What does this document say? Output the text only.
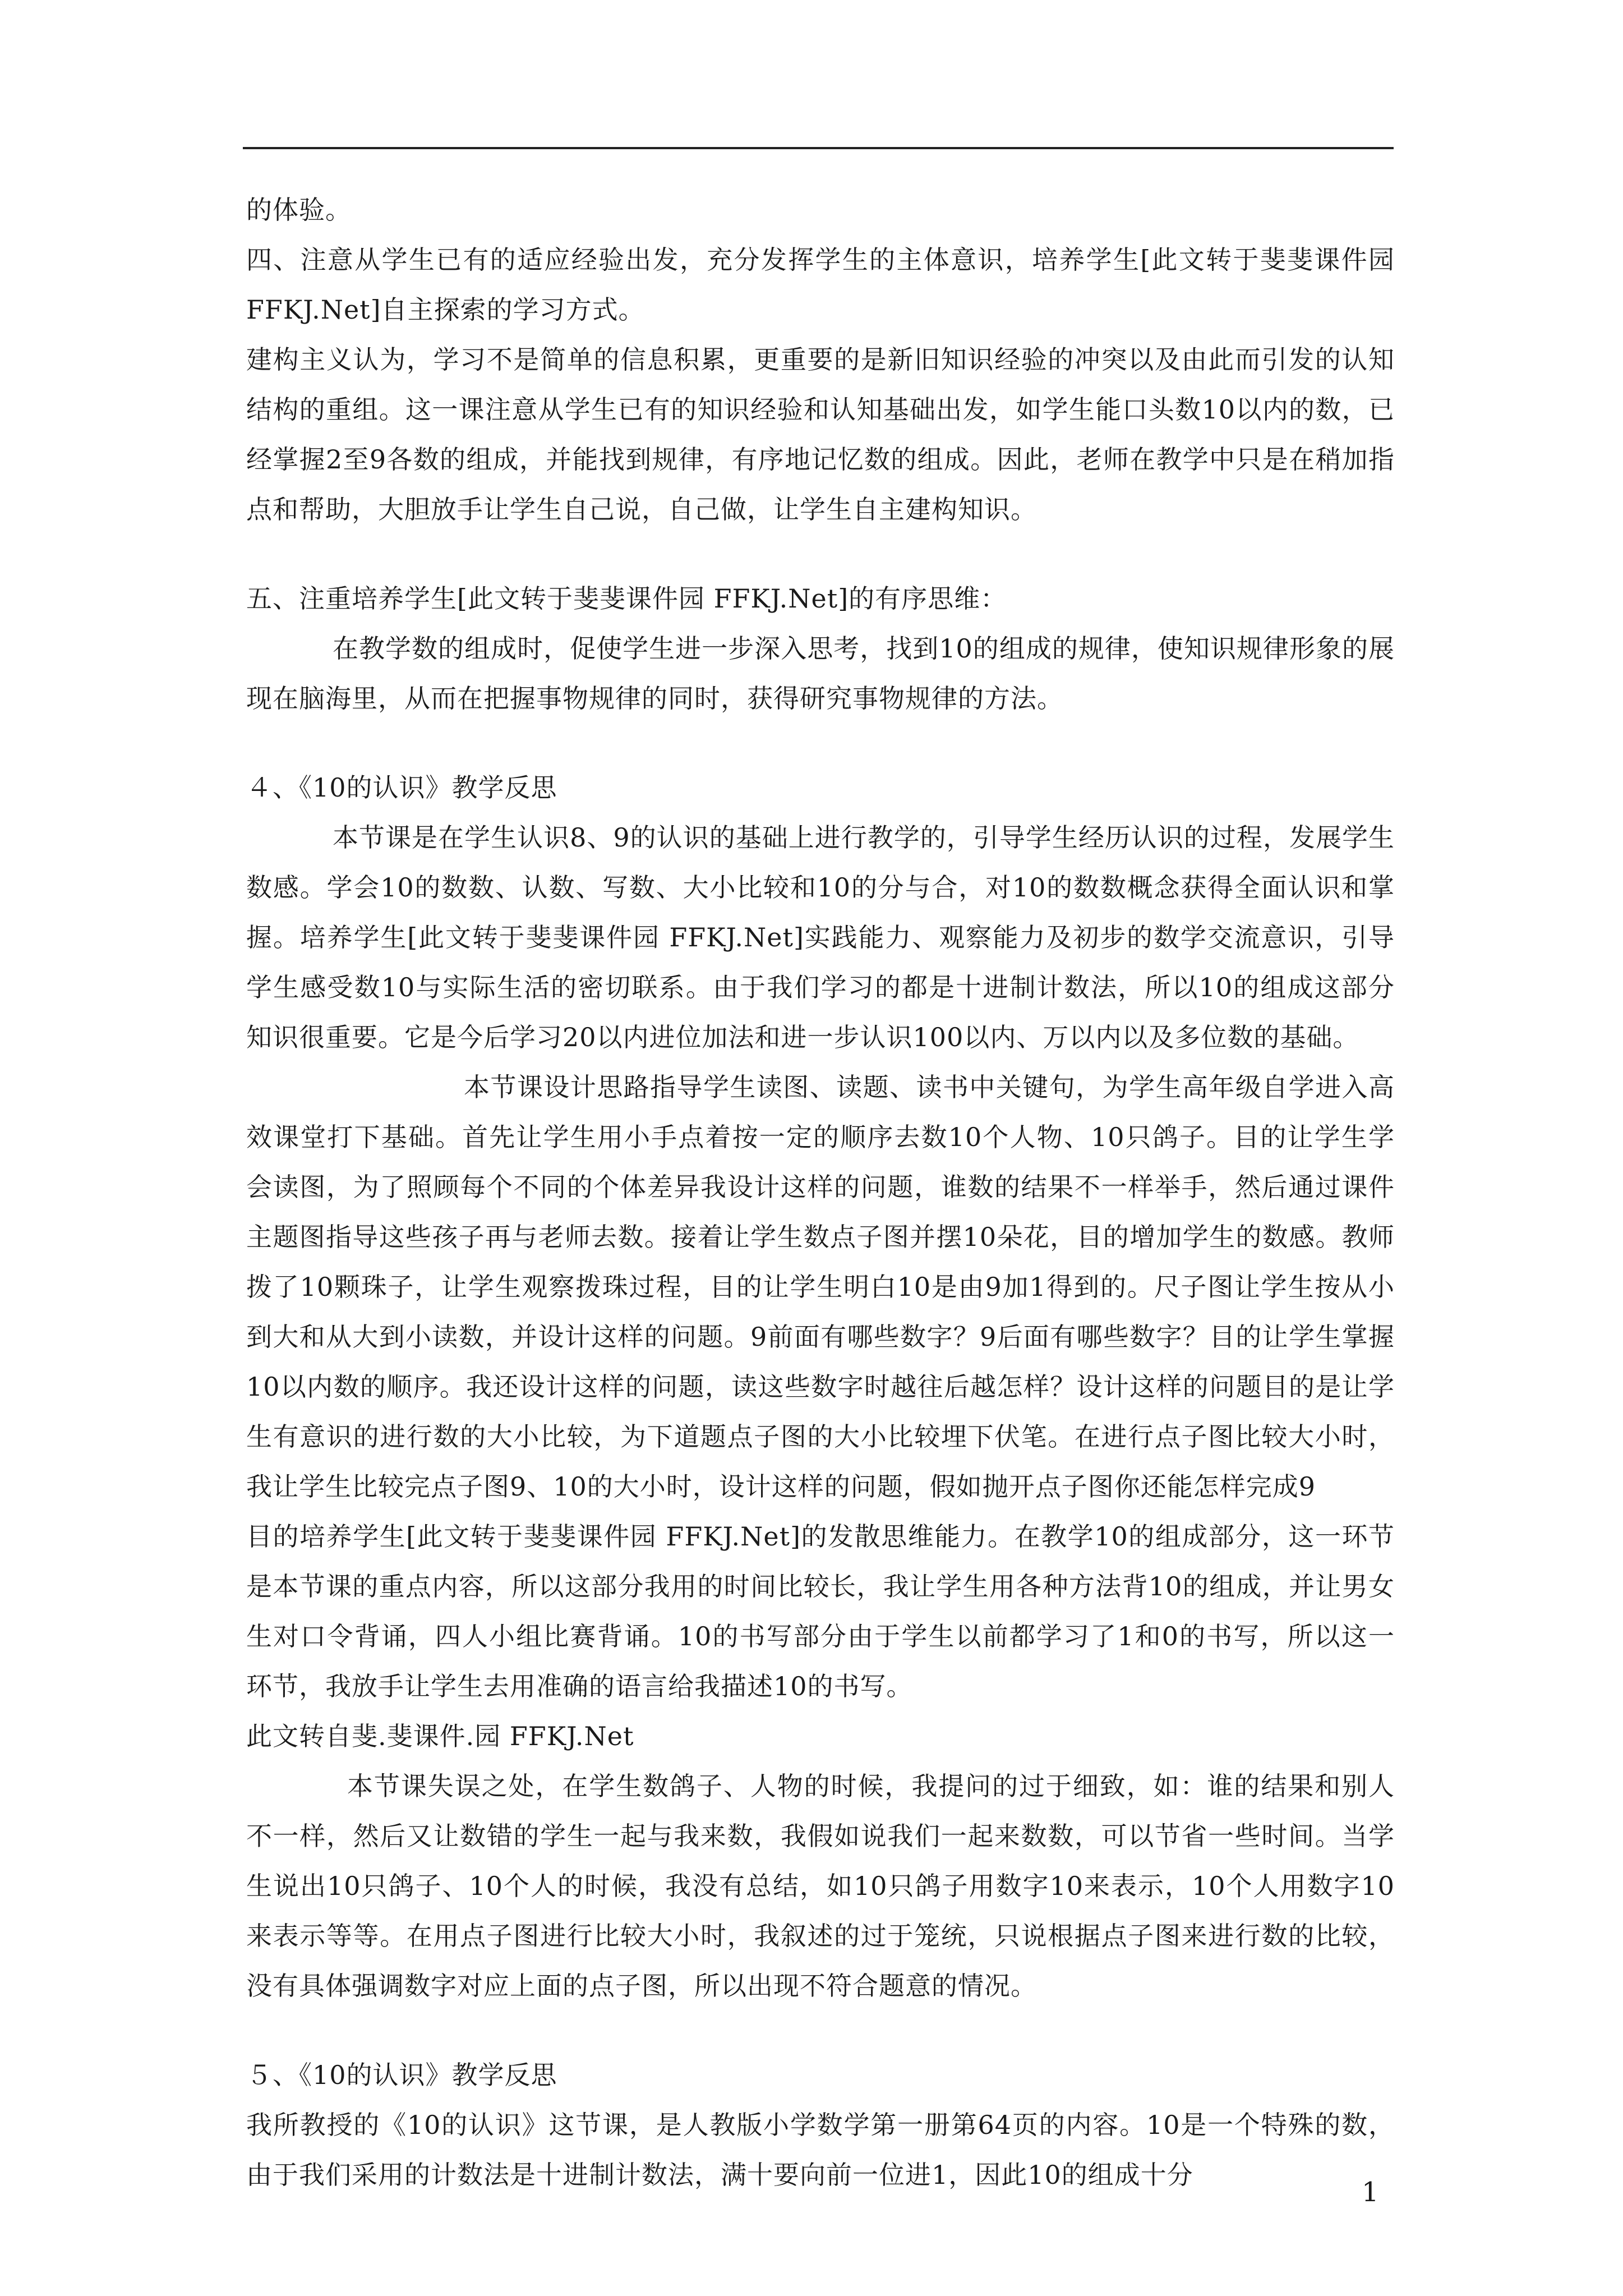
的体验。

四、注意从学生已有的适应经验出发，充分发挥学生的主体意识，培养学生[此文转于斐斐课件园 FFKJ.Net]自主探索的学习方式。

建构主义认为，学习不是简单的信息积累，更重要的是新旧知识经验的冲突以及由此而引发的认知结构的重组。这一课注意从学生已有的知识经验和认知基础出发，如学生能口头数10以内的数，已经掌握2至9各数的组成，并能找到规律，有序地记忆数的组成。因此，老师在教学中只是在稍加指点和帮助，大胆放手让学生自己说，自己做，让学生自主建构知识。

五、注重培养学生[此文转于斐斐课件园 FFKJ.Net]的有序思维：

在教学数的组成时，促使学生进一步深入思考，找到10的组成的规律，使知识规律形象的展现在脑海里，从而在把握事物规律的同时，获得研究事物规律的方法。

４、《10的认识》教学反思

本节课是在学生认识8、9的认识的基础上进行教学的，引导学生经历认识的过程，发展学生数感。学会10的数数、认数、写数、大小比较和10的分与合，对10的数数概念获得全面认识和掌握。培养学生[此文转于斐斐课件园 FFKJ.Net]实践能力、观察能力及初步的数学交流意识，引导学生感受数10与实际生活的密切联系。由于我们学习的都是十进制计数法，所以10的组成这部分知识很重要。它是今后学习20以内进位加法和进一步认识100以内、万以内以及多位数的基础。

本节课设计思路指导学生读图、读题、读书中关键句，为学生高年级自学进入高效课堂打下基础。首先让学生用小手点着按一定的顺序去数10个人物、10只鸽子。目的让学生学会读图，为了照顾每个不同的个体差异我设计这样的问题，谁数的结果不一样举手，然后通过课件主题图指导这些孩子再与老师去数。接着让学生数点子图并摆10朵花，目的增加学生的数感。教师拨了10颗珠子，让学生观察拨珠过程，目的让学生明白10是由9加1得到的。尺子图让学生按从小到大和从大到小读数，并设计这样的问题。9前面有哪些数字？9后面有哪些数字？目的让学生掌握10以内数的顺序。我还设计这样的问题，读这些数字时越往后越怎样？设计这样的问题目的是让学生有意识的进行数的大小比较，为下道题点子图的大小比较埋下伏笔。在进行点子图比较大小时，我让学生比较完点子图9、10的大小时，设计这样的问题，假如抛开点子图你还能怎样完成9

目的培养学生[此文转于斐斐课件园 FFKJ.Net]的发散思维能力。在教学10的组成部分，这一环节是本节课的重点内容，所以这部分我用的时间比较长，我让学生用各种方法背10的组成，并让男女生对口令背诵，四人小组比赛背诵。10的书写部分由于学生以前都学习了1和0的书写，所以这一环节，我放手让学生去用准确的语言给我描述10的书写。

此文转自斐.斐课件.园 FFKJ.Net

本节课失误之处，在学生数鸽子、人物的时候，我提问的过于细致，如：谁的结果和别人不一样，然后又让数错的学生一起与我来数，我假如说我们一起来数数，可以节省一些时间。当学生说出10只鸽子、10个人的时候，我没有总结，如10只鸽子用数字10来表示，10个人用数字10来表示等等。在用点子图进行比较大小时，我叙述的过于笼统，只说根据点子图来进行数的比较，没有具体强调数字对应上面的点子图，所以出现不符合题意的情况。

５、《10的认识》教学反思

我所教授的《10的认识》这节课，是人教版小学数学第一册第64页的内容。10是一个特殊的数，由于我们采用的计数法是十进制计数法，满十要向前一位进1，因此10的组成十分

1
